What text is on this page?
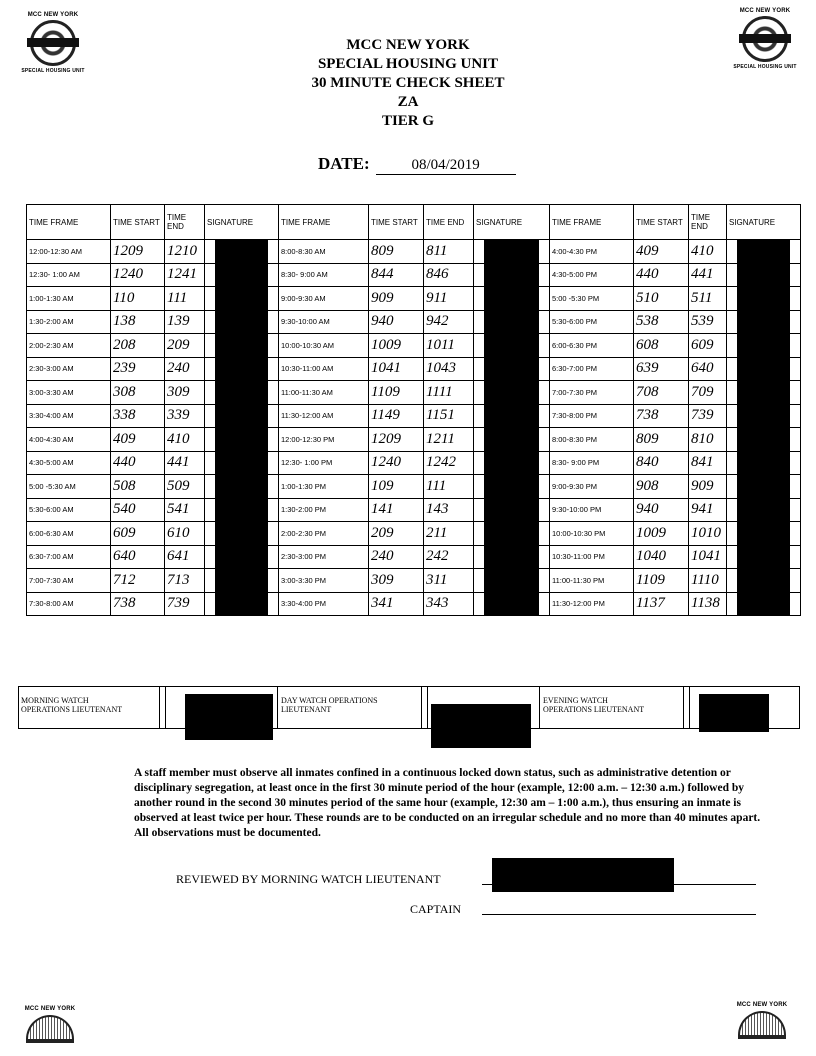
MCC NEW YORK
SPECIAL HOUSING UNIT
MCC NEW YORK
SPECIAL HOUSING UNIT
MCC NEW YORK
MCC NEW YORK
MCC NEW YORK
SPECIAL HOUSING UNIT
30 MINUTE CHECK SHEET
ZA
TIER G
DATE:	08/04/2019
TIME FRAME	TIME START	TIME END	SIGNATURE	TIME FRAME	TIME START	TIME END	SIGNATURE	TIME FRAME	TIME START	TIME END	SIGNATURE
12:00-12:30 AM	1209	1210		8:00-8:30 AM	809	811		4:00-4:30 PM	409	410	

12:30- 1:00 AM	1240	1241		8:30- 9:00 AM	844	846		4:30-5:00 PM	440	441	

1:00-1:30 AM	110	111		9:00-9:30 AM	909	911		5:00 -5:30 PM	510	511	

1:30-2:00 AM	138	139		9:30-10:00 AM	940	942		5:30-6:00 PM	538	539	

2:00-2:30 AM	208	209		10:00-10:30 AM	1009	1011		6:00-6:30 PM	608	609	

2:30-3:00 AM	239	240		10:30-11:00 AM	1041	1043		6:30-7:00 PM	639	640	

3:00-3:30 AM	308	309		11:00-11:30 AM	1109	1111		7:00-7:30 PM	708	709	

3:30-4:00 AM	338	339		11:30-12:00 AM	1149	1151		7:30-8:00 PM	738	739	

4:00-4:30 AM	409	410		12:00-12:30 PM	1209	1211		8:00-8:30 PM	809	810	

4:30-5:00 AM	440	441		12:30- 1:00 PM	1240	1242		8:30- 9:00 PM	840	841	

5:00 -5:30 AM	508	509		1:00-1:30 PM	109	111		9:00-9:30 PM	908	909	

5:30-6:00 AM	540	541		1:30-2:00 PM	141	143		9:30-10:00 PM	940	941	

6:00-6:30 AM	609	610		2:00-2:30 PM	209	211		10:00-10:30 PM	1009	1010	

6:30-7:00 AM	640	641		2:30-3:00 PM	240	242		10:30-11:00 PM	1040	1041	

7:00-7:30 AM	712	713		3:00-3:30 PM	309	311		11:00-11:30 PM	1109	1110	

7:30-8:00 AM	738	739		3:30-4:00 PM	341	343		11:30-12:00 PM	1137	1138	
MORNING WATCH OPERATIONS LIEUTENANT
DAY WATCH OPERATIONS LIEUTENANT
EVENING WATCH OPERATIONS LIEUTENANT
A staff member must observe all inmates confined in a continuous locked down status, such as administrative detention or disciplinary segregation, at least once in the first 30 minute period of the hour (example, 12:00 a.m. – 12:30 a.m.) followed by another round in the second 30 minutes period of the same hour (example, 12:30 am – 1:00 a.m.), thus ensuring an inmate is observed at least twice per hour. These rounds are to be conducted on an irregular schedule and no more than 40 minutes apart. All observations must be documented.
REVIEWED BY MORNING WATCH LIEUTENANT
CAPTAIN
